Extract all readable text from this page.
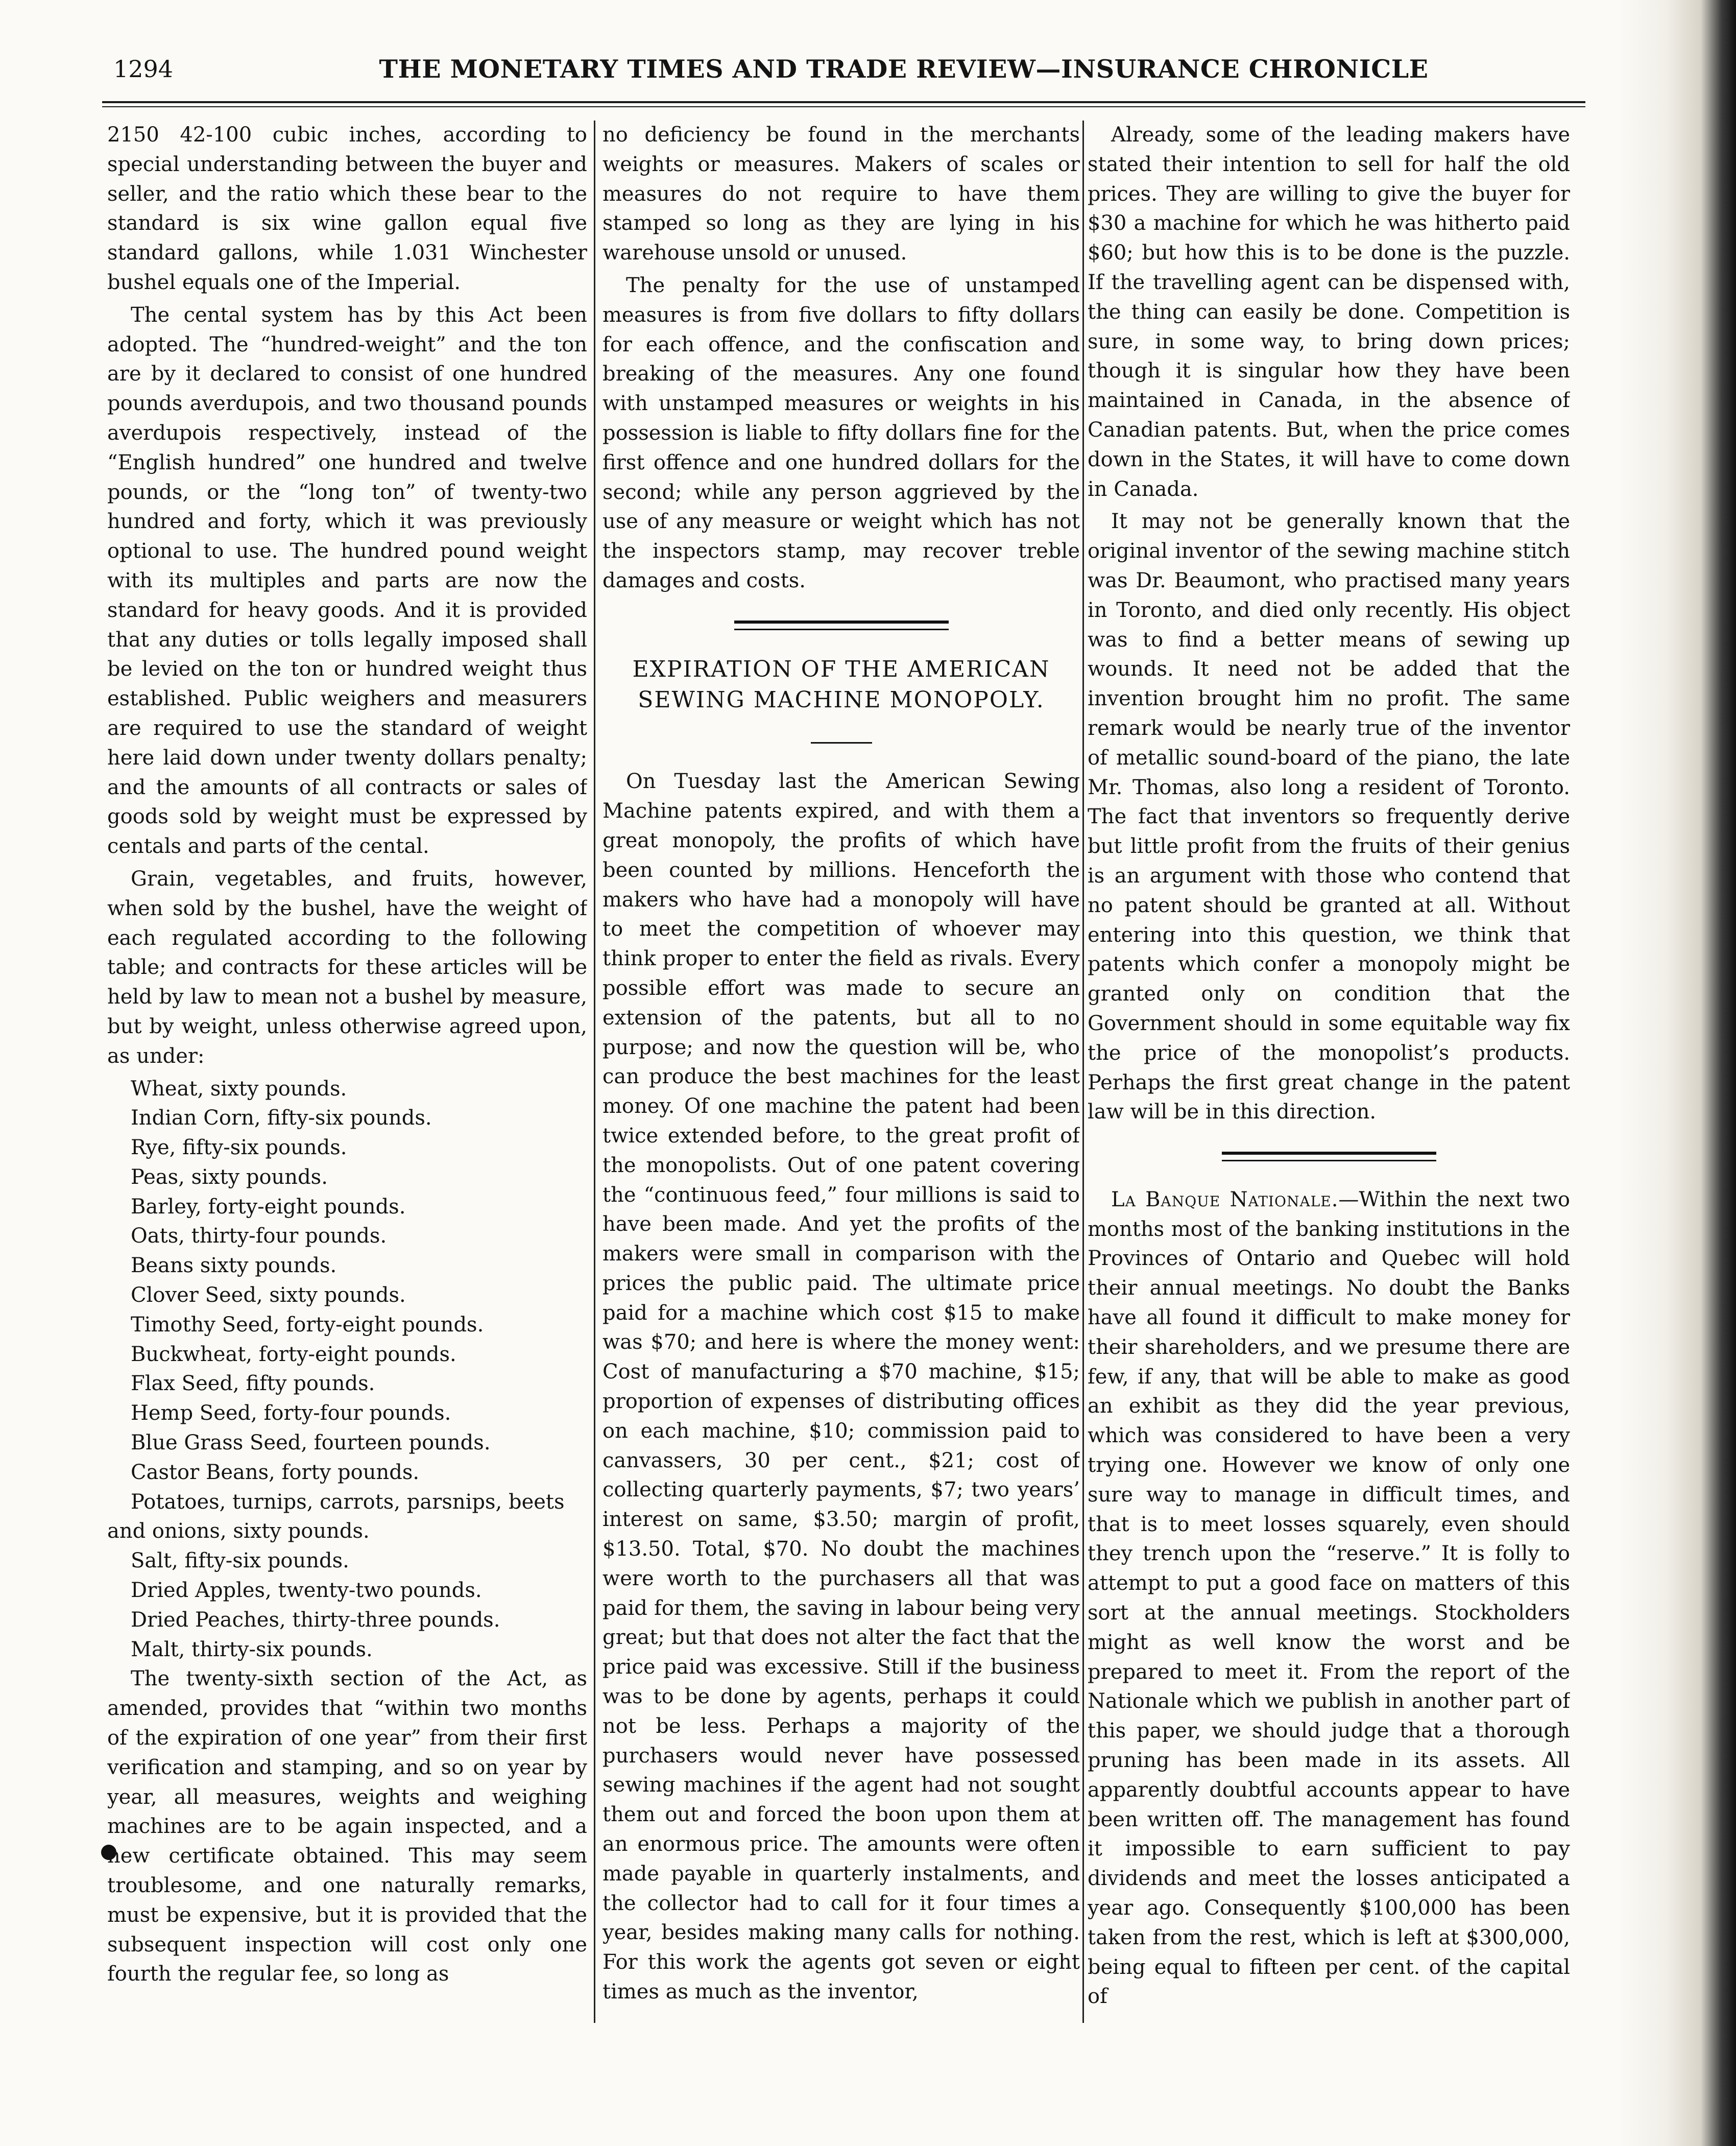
1294	THE MONETARY TIMES AND TRADE REVIEW—INSURANCE CHRONICLE

2150 42-100 cubic inches, according to special understanding between the buyer and seller, and the ratio which these bear to the standard is six wine gallon equal five standard gallons, while 1.031 Winchester bushel equals one of the Imperial.

The cental system has by this Act been adopted. The “hundred-weight” and the ton are by it declared to consist of one hundred pounds averdupois, and two thousand pounds averdupois respectively, instead of the “English hundred” one hundred and twelve pounds, or the “long ton” of twenty-two hundred and forty, which it was previously optional to use. The hundred pound weight with its multiples and parts are now the standard for heavy goods. And it is provided that any duties or tolls legally imposed shall be levied on the ton or hundred weight thus established. Public weighers and measurers are required to use the standard of weight here laid down under twenty dollars penalty; and the amounts of all contracts or sales of goods sold by weight must be expressed by centals and parts of the cental.

Grain, vegetables, and fruits, however, when sold by the bushel, have the weight of each regulated according to the following table; and contracts for these articles will be held by law to mean not a bushel by measure, but by weight, unless otherwise agreed upon, as under:

Wheat, sixty pounds.
Indian Corn, fifty-six pounds.
Rye, fifty-six pounds.
Peas, sixty pounds.
Barley, forty-eight pounds.
Oats, thirty-four pounds.
Beans sixty pounds.
Clover Seed, sixty pounds.
Timothy Seed, forty-eight pounds.
Buckwheat, forty-eight pounds.
Flax Seed, fifty pounds.
Hemp Seed, forty-four pounds.
Blue Grass Seed, fourteen pounds.
Castor Beans, forty pounds.
Potatoes, turnips, carrots, parsnips, beets and onions, sixty pounds.
Salt, fifty-six pounds.
Dried Apples, twenty-two pounds.
Dried Peaches, thirty-three pounds.
Malt, thirty-six pounds.

The twenty-sixth section of the Act, as amended, provides that “within two months of the expiration of one year” from their first verification and stamping, and so on year by year, all measures, weights and weighing machines are to be again inspected, and a new certificate obtained. This may seem troublesome, and one naturally remarks, must be expensive, but it is provided that the subsequent inspection will cost only one fourth the regular fee, so long as

no deficiency be found in the merchants weights or measures. Makers of scales or measures do not require to have them stamped so long as they are lying in his warehouse unsold or unused.

The penalty for the use of unstamped measures is from five dollars to fifty dollars for each offence, and the confiscation and breaking of the measures. Any one found with unstamped measures or weights in his possession is liable to fifty dollars fine for the first offence and one hundred dollars for the second; while any person aggrieved by the use of any measure or weight which has not the inspectors stamp, may recover treble damages and costs.

EXPIRATION OF THE AMERICAN
SEWING MACHINE MONOPOLY.

On Tuesday last the American Sewing Machine patents expired, and with them a great monopoly, the profits of which have been counted by millions. Henceforth the makers who have had a monopoly will have to meet the competition of whoever may think proper to enter the field as rivals. Every possible effort was made to secure an extension of the patents, but all to no purpose; and now the question will be, who can produce the best machines for the least money. Of one machine the patent had been twice extended before, to the great profit of the monopolists. Out of one patent covering the “continuous feed,” four millions is said to have been made. And yet the profits of the makers were small in comparison with the prices the public paid. The ultimate price paid for a machine which cost $15 to make was $70; and here is where the money went: Cost of manufacturing a $70 machine, $15; proportion of expenses of distributing offices on each machine, $10; commission paid to canvassers, 30 per cent., $21; cost of collecting quarterly payments, $7; two years’ interest on same, $3.50; margin of profit, $13.50. Total, $70. No doubt the machines were worth to the purchasers all that was paid for them, the saving in labour being very great; but that does not alter the fact that the price paid was excessive. Still if the business was to be done by agents, perhaps it could not be less. Perhaps a majority of the purchasers would never have possessed sewing machines if the agent had not sought them out and forced the boon upon them at an enormous price. The amounts were often made payable in quarterly instalments, and the collector had to call for it four times a year, besides making many calls for nothing. For this work the agents got seven or eight times as much as the inventor,

Already, some of the leading makers have stated their intention to sell for half the old prices. They are willing to give the buyer for $30 a machine for which he was hitherto paid $60; but how this is to be done is the puzzle. If the travelling agent can be dispensed with, the thing can easily be done. Competition is sure, in some way, to bring down prices; though it is singular how they have been maintained in Canada, in the absence of Canadian patents. But, when the price comes down in the States, it will have to come down in Canada.

It may not be generally known that the original inventor of the sewing machine stitch was Dr. Beaumont, who practised many years in Toronto, and died only recently. His object was to find a better means of sewing up wounds. It need not be added that the invention brought him no profit. The same remark would be nearly true of the inventor of metallic sound-board of the piano, the late Mr. Thomas, also long a resident of Toronto. The fact that inventors so frequently derive but little profit from the fruits of their genius is an argument with those who contend that no patent should be granted at all. Without entering into this question, we think that patents which confer a monopoly might be granted only on condition that the Government should in some equitable way fix the price of the monopolist’s products. Perhaps the first great change in the patent law will be in this direction.

La Banque Nationale.—Within the next two months most of the banking institutions in the Provinces of Ontario and Quebec will hold their annual meetings. No doubt the Banks have all found it difficult to make money for their shareholders, and we presume there are few, if any, that will be able to make as good an exhibit as they did the year previous, which was considered to have been a very trying one. However we know of only one sure way to manage in difficult times, and that is to meet losses squarely, even should they trench upon the “reserve.” It is folly to attempt to put a good face on matters of this sort at the annual meetings. Stockholders might as well know the worst and be prepared to meet it. From the report of the Nationale which we publish in another part of this paper, we should judge that a thorough pruning has been made in its assets. All apparently doubtful accounts appear to have been written off. The management has found it impossible to earn sufficient to pay dividends and meet the losses anticipated a year ago. Consequently $100,000 has been taken from the rest, which is left at $300,000, being equal to fifteen per cent. of the capital of
